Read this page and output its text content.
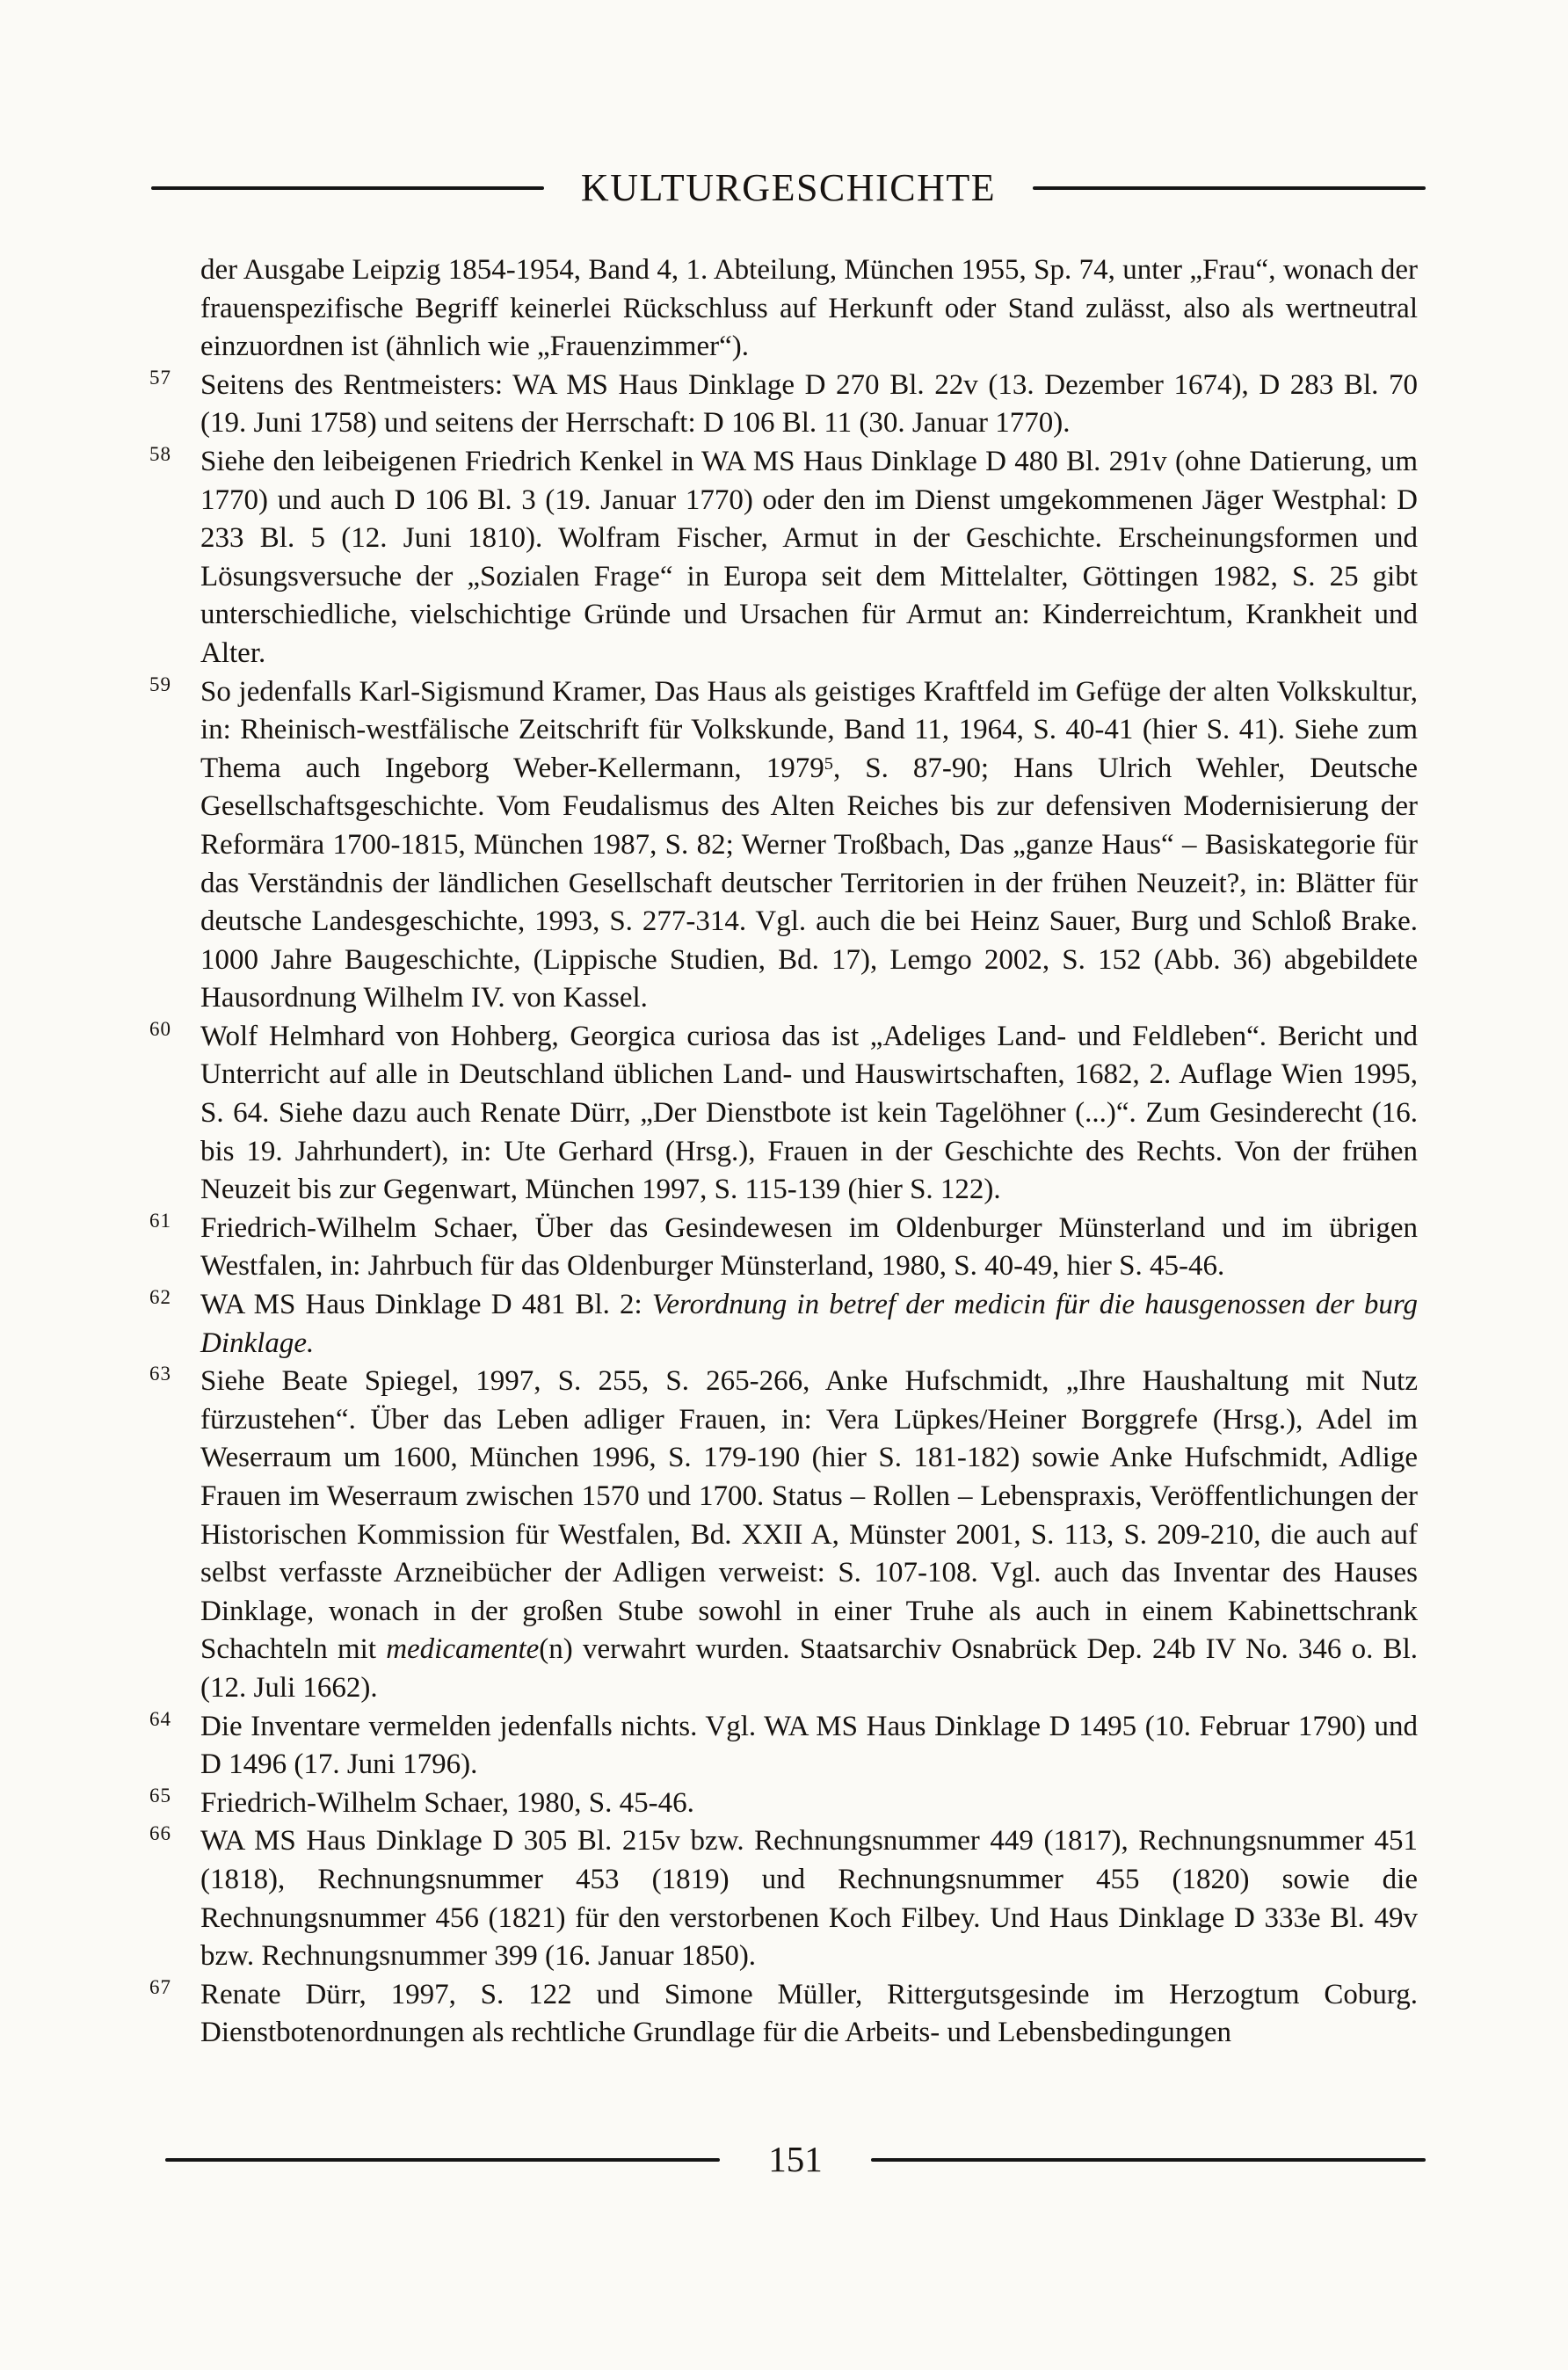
KULTURGESCHICHTE
der Ausgabe Leipzig 1854-1954, Band 4, 1. Abteilung, München 1955, Sp. 74, unter „Frau“, wonach der frauenspezifische Begriff keinerlei Rückschluss auf Herkunft oder Stand zulässt, also als wertneutral einzuordnen ist (ähnlich wie „Frauenzimmer“).
57 Seitens des Rentmeisters: WA MS Haus Dinklage D 270 Bl. 22v (13. Dezember 1674), D 283 Bl. 70 (19. Juni 1758) und seitens der Herrschaft: D 106 Bl. 11 (30. Januar 1770).
58 Siehe den leibeigenen Friedrich Kenkel in WA MS Haus Dinklage D 480 Bl. 291v (ohne Datierung, um 1770) und auch D 106 Bl. 3 (19. Januar 1770) oder den im Dienst umgekommenen Jäger Westphal: D 233 Bl. 5 (12. Juni 1810). Wolfram Fischer, Armut in der Geschichte. Erscheinungsformen und Lösungsversuche der „Sozialen Frage“ in Europa seit dem Mittelalter, Göttingen 1982, S. 25 gibt unterschiedliche, vielschichtige Gründe und Ursachen für Armut an: Kinderreichtum, Krankheit und Alter.
59 So jedenfalls Karl-Sigismund Kramer, Das Haus als geistiges Kraftfeld im Gefüge der alten Volkskultur, in: Rheinisch-westfälische Zeitschrift für Volkskunde, Band 11, 1964, S. 40-41 (hier S. 41). Siehe zum Thema auch Ingeborg Weber-Kellermann, 1979$^5$, S. 87-90; Hans Ulrich Wehler, Deutsche Gesellschaftsgeschichte. Vom Feudalismus des Alten Reiches bis zur defensiven Modernisierung der Reformära 1700-1815, München 1987, S. 82; Werner Troßbach, Das „ganze Haus“ – Basiskategorie für das Verständnis der ländlichen Gesellschaft deutscher Territorien in der frühen Neuzeit?, in: Blätter für deutsche Landesgeschichte, 1993, S. 277-314. Vgl. auch die bei Heinz Sauer, Burg und Schloß Brake. 1000 Jahre Baugeschichte, (Lippische Studien, Bd. 17), Lemgo 2002, S. 152 (Abb. 36) abgebildete Hausordnung Wilhelm IV. von Kassel.
60 Wolf Helmhard von Hohberg, Georgica curiosa das ist „Adeliges Land- und Feldleben“. Bericht und Unterricht auf alle in Deutschland üblichen Land- und Hauswirtschaften, 1682, 2. Auflage Wien 1995, S. 64. Siehe dazu auch Renate Dürr, „Der Dienstbote ist kein Tagelöhner (...)“. Zum Gesinderecht (16. bis 19. Jahrhundert), in: Ute Gerhard (Hrsg.), Frauen in der Geschichte des Rechts. Von der frühen Neuzeit bis zur Gegenwart, München 1997, S. 115-139 (hier S. 122).
61 Friedrich-Wilhelm Schaer, Über das Gesindewesen im Oldenburger Münsterland und im übrigen Westfalen, in: Jahrbuch für das Oldenburger Münsterland, 1980, S. 40-49, hier S. 45-46.
62 WA MS Haus Dinklage D 481 Bl. 2: Verordnung in betref der medicin für die hausgenossen der burg Dinklage.
63 Siehe Beate Spiegel, 1997, S. 255, S. 265-266, Anke Hufschmidt, „Ihre Haushaltung mit Nutz fürzustehen“. Über das Leben adliger Frauen, in: Vera Lüpkes/Heiner Borggrefe (Hrsg.), Adel im Weserraum um 1600, München 1996, S. 179-190 (hier S. 181-182) sowie Anke Hufschmidt, Adlige Frauen im Weserraum zwischen 1570 und 1700. Status – Rollen – Lebenspraxis, Veröffentlichungen der Historischen Kommission für Westfalen, Bd. XXII A, Münster 2001, S. 113, S. 209-210, die auch auf selbst verfasste Arzneibücher der Adligen verweist: S. 107-108. Vgl. auch das Inventar des Hauses Dinklage, wonach in der großen Stube sowohl in einer Truhe als auch in einem Kabinettschrank Schachteln mit medicamente(n) verwahrt wurden. Staatsarchiv Osnabrück Dep. 24b IV No. 346 o. Bl. (12. Juli 1662).
64 Die Inventare vermelden jedenfalls nichts. Vgl. WA MS Haus Dinklage D 1495 (10. Februar 1790) und D 1496 (17. Juni 1796).
65 Friedrich-Wilhelm Schaer, 1980, S. 45-46.
66 WA MS Haus Dinklage D 305 Bl. 215v bzw. Rechnungsnummer 449 (1817), Rechnungsnummer 451 (1818), Rechnungsnummer 453 (1819) und Rechnungsnummer 455 (1820) sowie die Rechnungsnummer 456 (1821) für den verstorbenen Koch Filbey. Und Haus Dinklage D 333e Bl. 49v bzw. Rechnungsnummer 399 (16. Januar 1850).
67 Renate Dürr, 1997, S. 122 und Simone Müller, Rittergutsgesinde im Herzogtum Coburg. Dienstbotenordnungen als rechtliche Grundlage für die Arbeits- und Lebensbedingungen
151
